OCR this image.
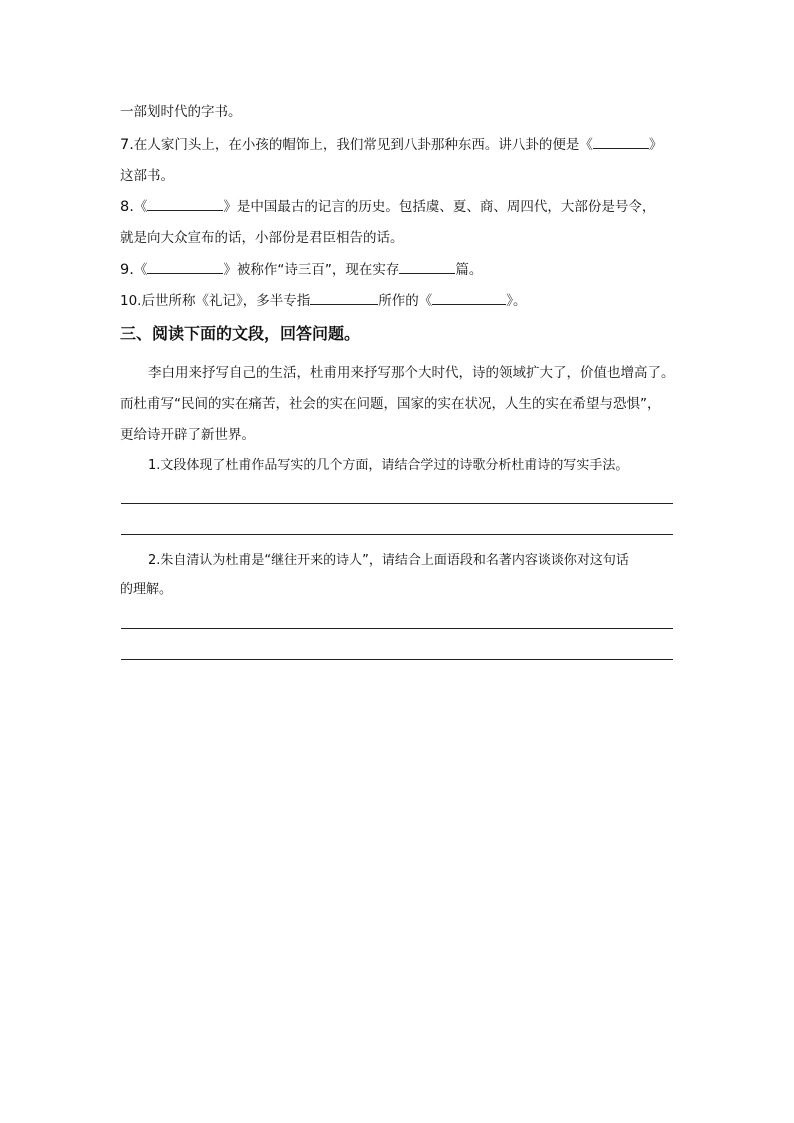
一部划时代的字书。
7.在人家门头上，在小孩的帽饰上，我们常见到八卦那种东西。讲八卦的便是《	》
这部书。
8.《	》是中国最古的记言的历史。包括虞、夏、商、周四代，大部份是号令，
就是向大众宣布的话，小部份是君臣相告的话。
9.《	》被称作“诗三百”，现在实存	篇。
10.后世所称《礼记》，多半专指	所作的《	》。
三、阅读下面的文段，回答问题。
李白用来抒写自己的生活，杜甫用来抒写那个大时代，诗的领域扩大了，价值也增高了。
而杜甫写“民间的实在痛苦，社会的实在问题，国家的实在状况，人生的实在希望与恐惧”，
更给诗开辟了新世界。
1.文段体现了杜甫作品写实的几个方面，请结合学过的诗歌分析杜甫诗的写实手法。
2.朱自清认为杜甫是“继往开来的诗人”，请结合上面语段和名著内容谈谈你对这句话
的理解。
